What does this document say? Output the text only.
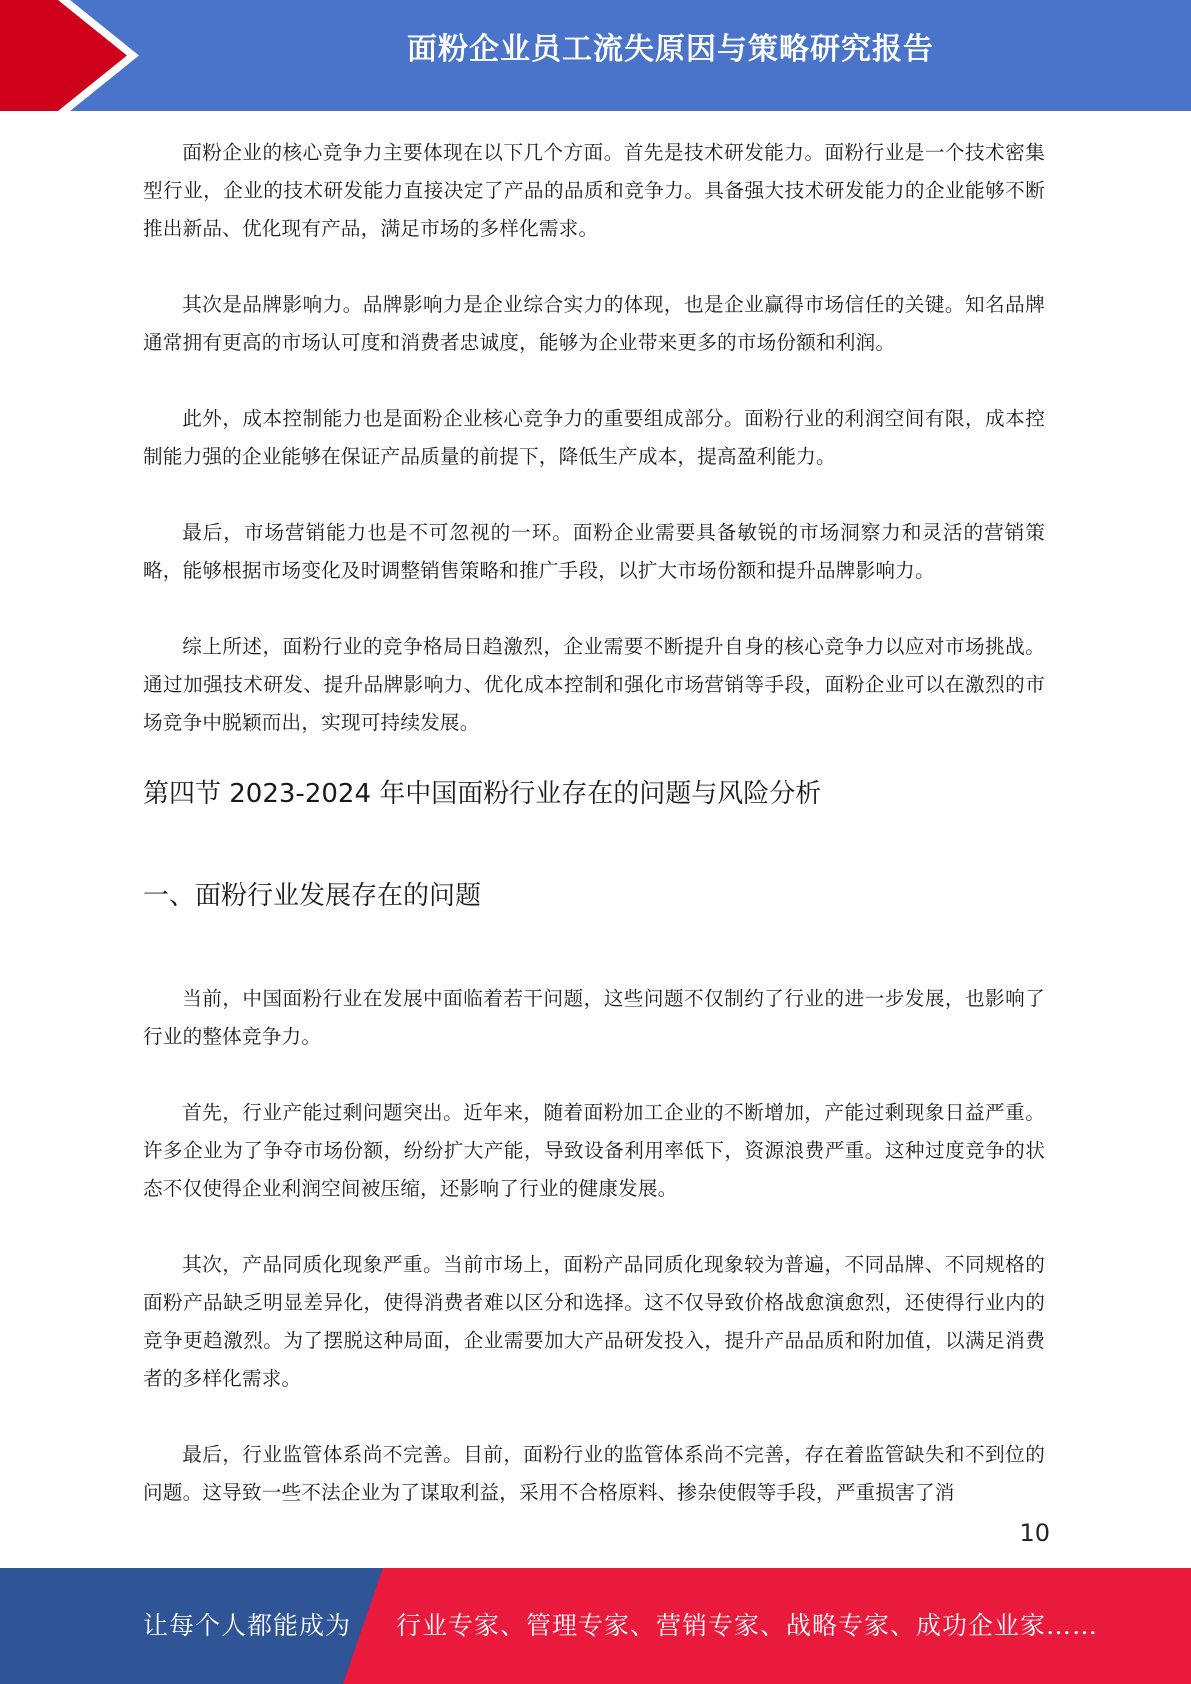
面粉企业员工流失原因与策略研究报告

面粉企业的核心竞争力主要体现在以下几个方面。首先是技术研发能力。面粉行业是一个技术密集型行业，企业的技术研发能力直接决定了产品的品质和竞争力。具备强大技术研发能力的企业能够不断推出新品、优化现有产品，满足市场的多样化需求。

其次是品牌影响力。品牌影响力是企业综合实力的体现，也是企业赢得市场信任的关键。知名品牌通常拥有更高的市场认可度和消费者忠诚度，能够为企业带来更多的市场份额和利润。

此外，成本控制能力也是面粉企业核心竞争力的重要组成部分。面粉行业的利润空间有限，成本控制能力强的企业能够在保证产品质量的前提下，降低生产成本，提高盈利能力。

最后，市场营销能力也是不可忽视的一环。面粉企业需要具备敏锐的市场洞察力和灵活的营销策略，能够根据市场变化及时调整销售策略和推广手段，以扩大市场份额和提升品牌影响力。

综上所述，面粉行业的竞争格局日趋激烈，企业需要不断提升自身的核心竞争力以应对市场挑战。通过加强技术研发、提升品牌影响力、优化成本控制和强化市场营销等手段，面粉企业可以在激烈的市场竞争中脱颖而出，实现可持续发展。

第四节 2023-2024 年中国面粉行业存在的问题与风险分析
一、面粉行业发展存在的问题

当前，中国面粉行业在发展中面临着若干问题，这些问题不仅制约了行业的进一步发展，也影响了行业的整体竞争力。

首先，行业产能过剩问题突出。近年来，随着面粉加工企业的不断增加，产能过剩现象日益严重。许多企业为了争夺市场份额，纷纷扩大产能，导致设备利用率低下，资源浪费严重。这种过度竞争的状态不仅使得企业利润空间被压缩，还影响了行业的健康发展。

其次，产品同质化现象严重。当前市场上，面粉产品同质化现象较为普遍，不同品牌、不同规格的面粉产品缺乏明显差异化，使得消费者难以区分和选择。这不仅导致价格战愈演愈烈，还使得行业内的竞争更趋激烈。为了摆脱这种局面，企业需要加大产品研发投入，提升产品品质和附加值，以满足消费者的多样化需求。

最后，行业监管体系尚不完善。目前，面粉行业的监管体系尚不完善，存在着监管缺失和不到位的问题。这导致一些不法企业为了谋取利益，采用不合格原料、掺杂使假等手段，严重损害了消

10
让每个人都能成为 行业专家、管理专家、营销专家、战略专家、成功企业家……
